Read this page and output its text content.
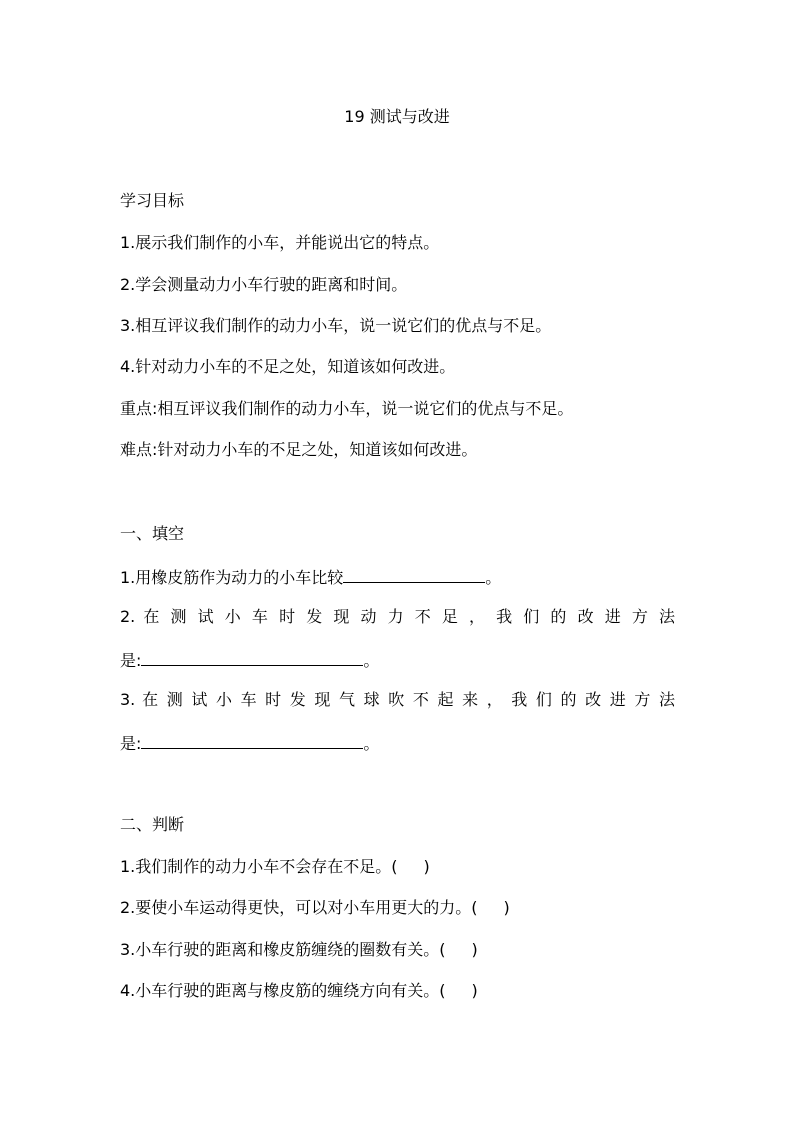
19 测试与改进
学习目标
1.展示我们制作的小车，并能说出它的特点。
2.学会测量动力小车行驶的距离和时间。
3.相互评议我们制作的动力小车，说一说它们的优点与不足。
4.针对动力小车的不足之处，知道该如何改进。
重点:相互评议我们制作的动力小车，说一说它们的优点与不足。
难点:针对动力小车的不足之处，知道该如何改进。
一、填空
1.用橡皮筋作为动力的小车比较	。
2. 在 测 试 小 车 时 发 现 动 力 不 足 ， 我 们 的 改 进 方 法
是:	。
3. 在 测 试 小 车 时 发 现 气 球 吹 不 起 来 ， 我 们 的 改 进 方 法
是:	。
二、判断
1.我们制作的动力小车不会存在不足。( )
2.要使小车运动得更快，可以对小车用更大的力。( )
3.小车行驶的距离和橡皮筋缠绕的圈数有关。( )
4.小车行驶的距离与橡皮筋的缠绕方向有关。( )
